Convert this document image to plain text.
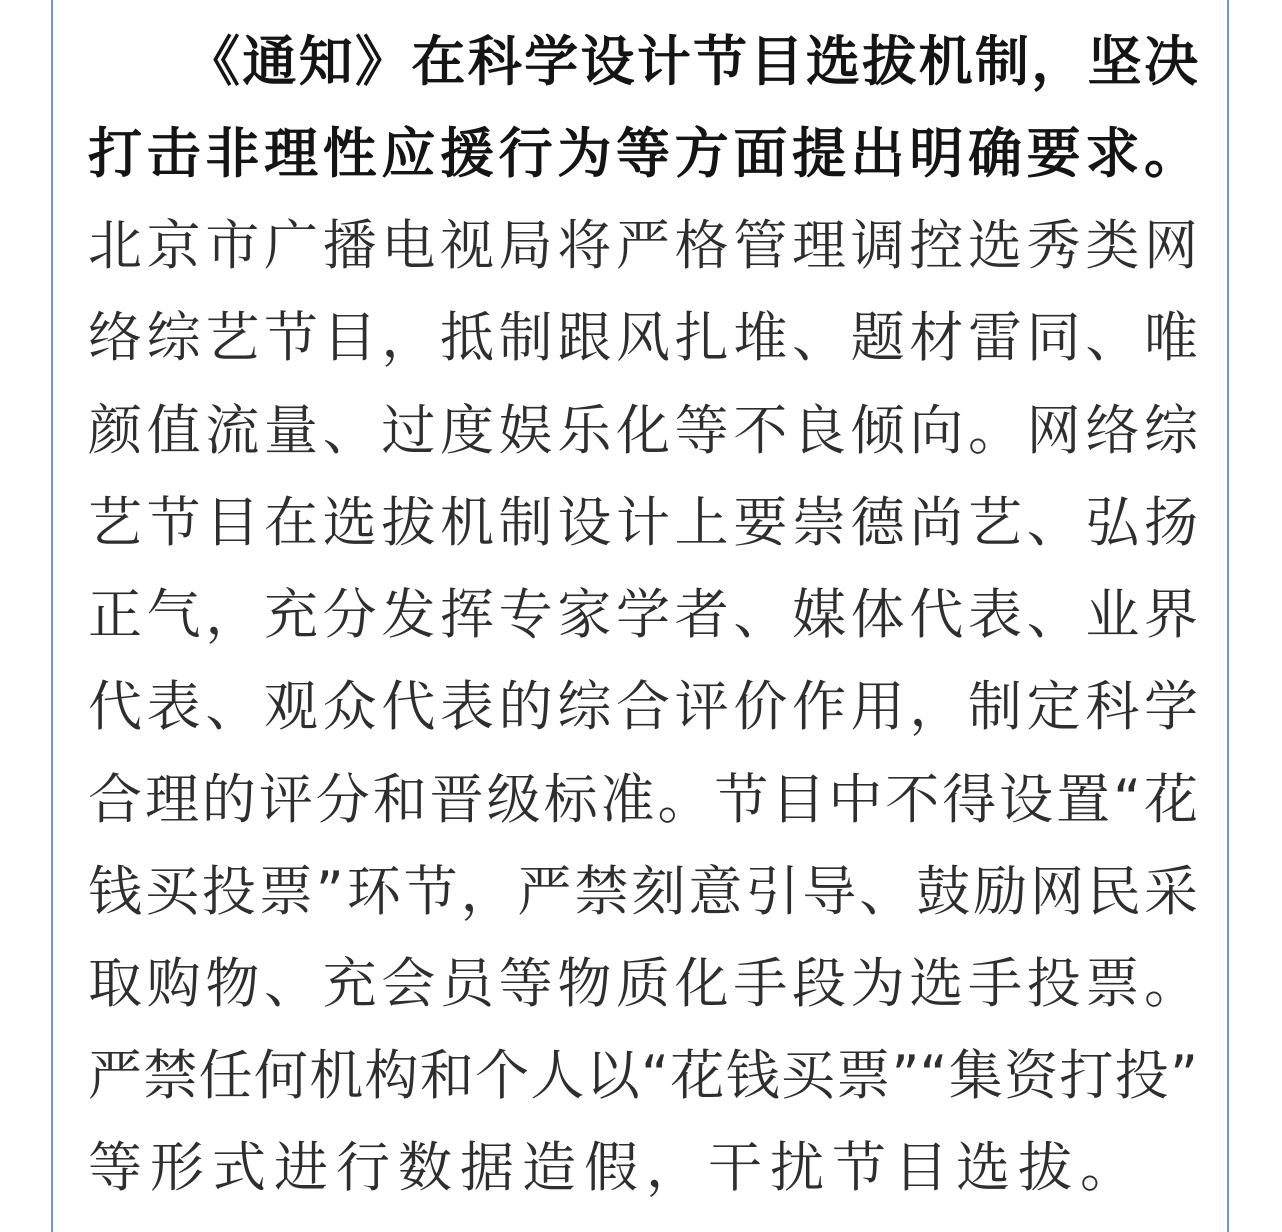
《通知》在科学设计节目选拔机制，坚决
打击非理性应援行为等方面提出明确要求。
北京市广播电视局将严格管理调控选秀类网
络综艺节目，抵制跟风扎堆、题材雷同、唯
颜值流量、过度娱乐化等不良倾向。网络综
艺节目在选拔机制设计上要崇德尚艺、弘扬
正气，充分发挥专家学者、媒体代表、业界
代表、观众代表的综合评价作用，制定科学
合理的评分和晋级标准。节目中不得设置“花
钱买投票”环节，严禁刻意引导、鼓励网民采
取购物、充会员等物质化手段为选手投票。
严禁任何机构和个人以“花钱买票”“集资打投”
等形式进行数据造假，干扰节目选拔。
